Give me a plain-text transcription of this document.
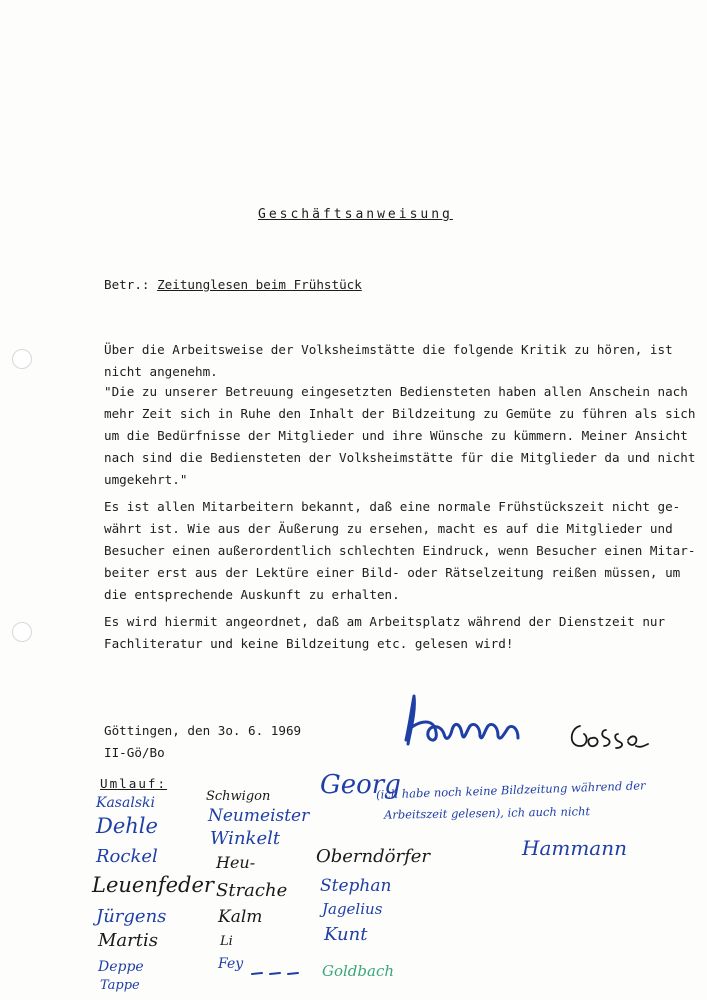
Geschäftsanweisung
Betr.: Zeitunglesen beim Frühstück
Über die Arbeitsweise der Volksheimstätte die folgende Kritik zu hören, ist
nicht angenehm.
"Die zu unserer Betreuung eingesetzten Bediensteten haben allen Anschein nach
mehr Zeit sich in Ruhe den Inhalt der Bildzeitung zu Gemüte zu führen als sich
um die Bedürfnisse der Mitglieder und ihre Wünsche zu kümmern. Meiner Ansicht
nach sind die Bediensteten der Volksheimstätte für die Mitglieder da und nicht
umgekehrt."
Es ist allen Mitarbeitern bekannt, daß eine normale Frühstückszeit nicht ge-
währt ist. Wie aus der Äußerung zu ersehen, macht es auf die Mitglieder und
Besucher einen außerordentlich schlechten Eindruck, wenn Besucher einen Mitar-
beiter erst aus der Lektüre einer Bild- oder Rätselzeitung reißen müssen, um
die entsprechende Auskunft zu erhalten.
Es wird hiermit angeordnet, daß am Arbeitsplatz während der Dienstzeit nur
Fachliteratur und keine Bildzeitung etc. gelesen wird!
Göttingen, den 3o. 6. 1969
II-Gö/Bo
Umlauf:
Kasalski
Dehle
Rockel
Leuenfeder
Jürgens
Martis
Deppe
Tappe
Schwigon
Neumeister
Winkelt
Heu-
Strache
Kalm
Li
Fey
Georg
Oberndörfer
Stephan
Jagelius
Kunt
Goldbach
(ich habe noch keine Bildzeitung während der
Arbeitszeit gelesen), ich auch nicht
Hammann
